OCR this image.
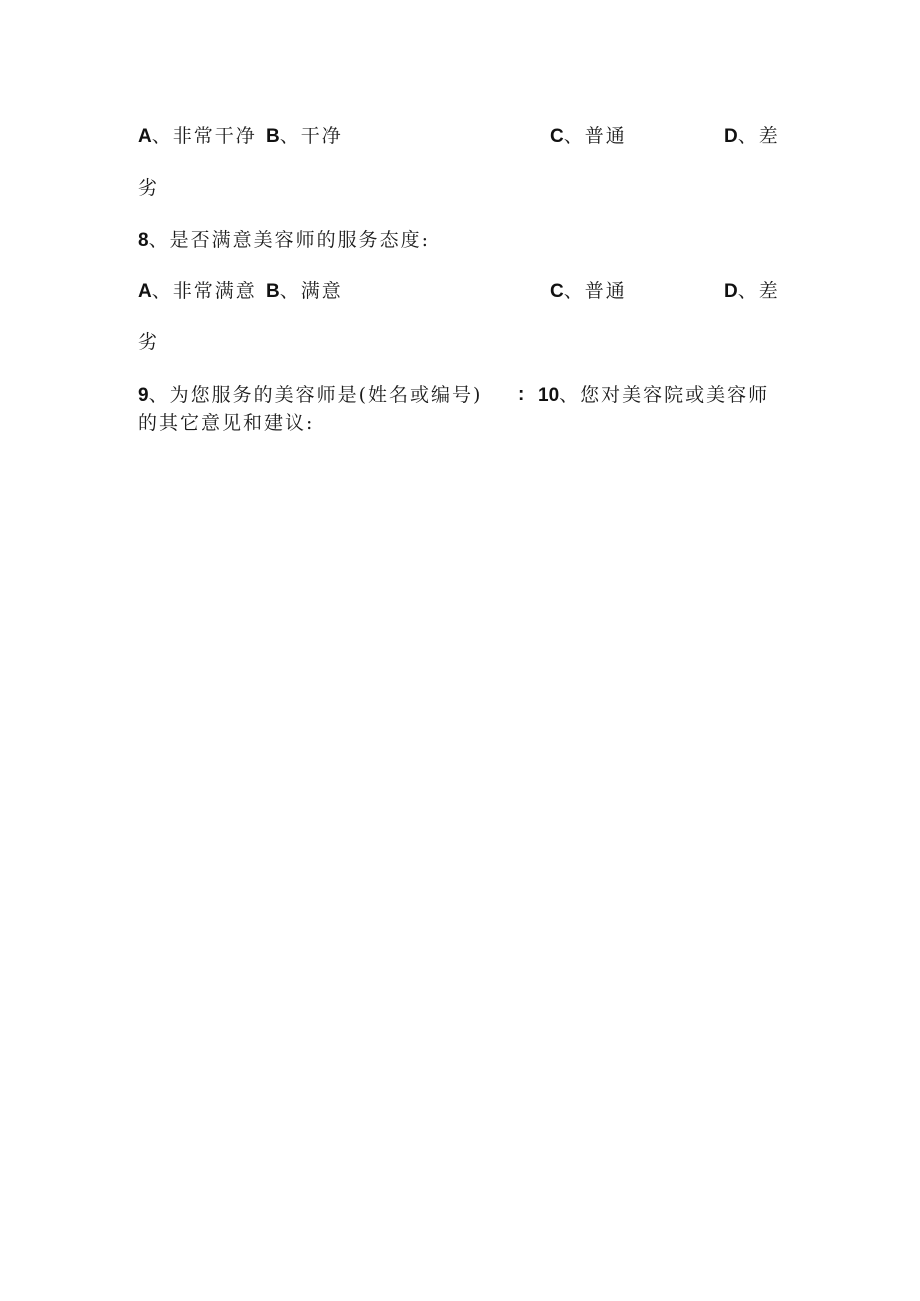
A、非常干净 B、干净	C、普通	D、差
劣
8、是否满意美容师的服务态度:
A、非常满意 B、满意	C、普通	D、差
劣
9、为您服务的美容师是(姓名或编号) : 10、您对美容院或美容师
的其它意见和建议:
